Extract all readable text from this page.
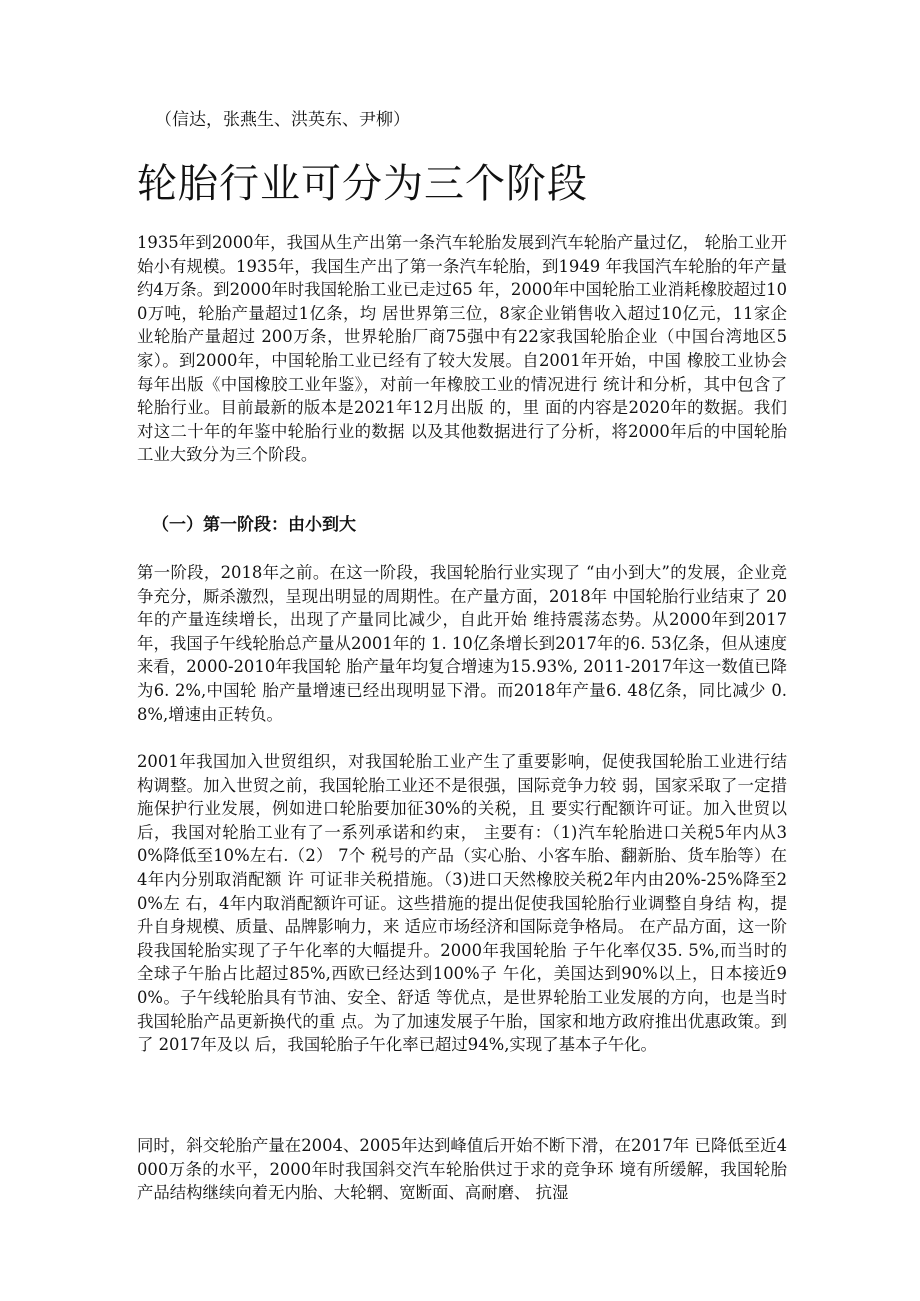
（信达，张燕生、洪英东、尹柳）
轮胎行业可分为三个阶段

1935年到2000年，我国从生产出第一条汽车轮胎发展到汽车轮胎产量过亿， 轮胎工业开 始小有规模。1935年，我国生产出了第一条汽车轮胎，到1949 年我国汽车轮胎的年产量 约4万条。到2000年时我国轮胎工业已走过65 年，2000年中国轮胎工业消耗橡胶超过100万吨，轮胎产量超过1亿条，均 居世界第三位，8家企业销售收入超过10亿元，11家企业轮胎产量超过 200万条，世界轮胎厂商75强中有22家我国轮胎企业（中国台湾地区5 家）。到2000年，中国轮胎工业已经有了较大发展。自2001年开始，中国 橡胶工业协会每年出版《中国橡胶工业年鉴》，对前一年橡胶工业的情况进行 统计和分析，其中包含了轮胎行业。目前最新的版本是2021年12月出版 的，里 面的内容是2020年的数据。我们对这二十年的年鉴中轮胎行业的数据 以及其他数据进行了分析，将2000年后的中国轮胎工业大致分为三个阶段。

（一）第一阶段：由小到大

第一阶段，2018年之前。在这一阶段，我国轮胎行业实现了 “由小到大”的发展，企业竞 争充分，厮杀激烈，呈现出明显的周期性。在产量方面，2018年 中国轮胎行业结束了 20年的产量连续增长，出现了产量同比减少，自此开始 维持震荡态势。从2000年到2017年，我国子午线轮胎总产量从2001年的 1. 10亿条增长到2017年的6. 53亿条，但从速度来看，2000-2010年我国轮 胎产量年均复合增速为15.93%, 2011-2017年这一数值已降为6. 2%,中国轮 胎产量增速已经出现明显下滑。而2018年产量6. 48亿条，同比减少 0. 8%,增速由正转负。

2001年我国加入世贸组织，对我国轮胎工业产生了重要影响，促使我国轮胎工业进行结 构调整。加入世贸之前，我国轮胎工业还不是很强，国际竞争力较 弱，国家采取了一定措 施保护行业发展，例如进口轮胎要加征30%的关税，且 要实行配额许可证。加入世贸以后，我国对轮胎工业有了一系列承诺和约束， 主要有：（1)汽车轮胎进口关税5年内从30%降低至10%左右.（2） 7个 税号的产品（实心胎、小客车胎、翻新胎、货车胎等）在4年内分别取消配额 许 可证非关税措施。（3)进口天然橡胶关税2年内由20%-25%降至20%左 右，4年内取消配额许可证。这些措施的提出促使我国轮胎行业调整自身结 构，提升自身规模、质量、品牌影响力，来 适应市场经济和国际竞争格局。 在产品方面，这一阶段我国轮胎实现了子午化率的大幅提升。2000年我国轮胎 子午化率仅35. 5%,而当时的全球子午胎占比超过85%,西欧已经达到100%子 午化，美国达到90%以上，日本接近90%。子午线轮胎具有节油、安全、舒适 等优点，是世界轮胎工业发展的方向，也是当时我国轮胎产品更新换代的重 点。为了加速发展子午胎，国家和地方政府推出优惠政策。到了 2017年及以 后，我国轮胎子午化率已超过94%,实现了基本子午化。

同时，斜交轮胎产量在2004、2005年达到峰值后开始不断下滑，在2017年 已降低至近4000万条的水平，2000年时我国斜交汽车轮胎供过于求的竞争环 境有所缓解，我国轮胎 产品结构继续向着无内胎、大轮辋、宽断面、高耐磨、 抗湿
